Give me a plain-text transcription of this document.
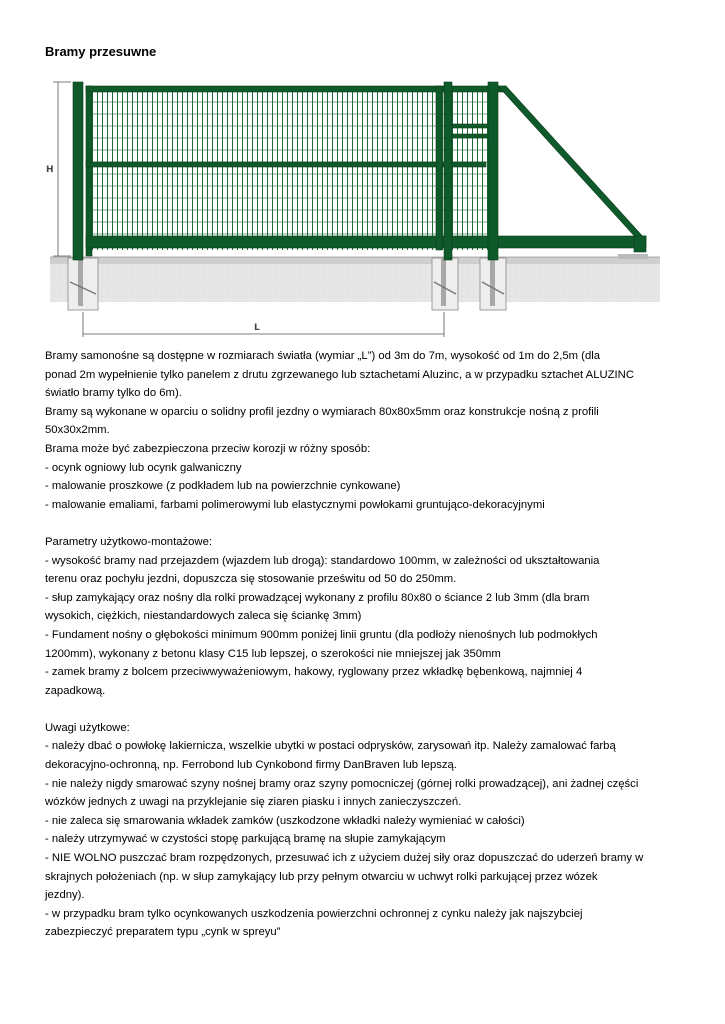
Bramy przesuwne
H
L
Bramy samonośne są dostępne w rozmiarach światła (wymiar „L”) od 3m do 7m, wysokość od 1m do 2,5m (dla
ponad 2m wypełnienie tylko panelem z drutu zgrzewanego lub sztachetami Aluzinc, a w przypadku sztachet ALUZINC
światło bramy tylko do 6m).
Bramy są wykonane w oparciu o solidny profil jezdny o wymiarach 80x80x5mm oraz konstrukcje nośną z profili
50x30x2mm.
Brama może być zabezpieczona przeciw korozji w różny sposób:
- ocynk ogniowy lub ocynk galwaniczny
- malowanie proszkowe (z podkładem lub na powierzchnie cynkowane)
- malowanie emaliami, farbami polimerowymi lub elastycznymi powłokami gruntująco-dekoracyjnymi
Parametry użytkowo-montażowe:
- wysokość bramy nad przejazdem (wjazdem lub drogą): standardowo 100mm, w zależności od ukształtowania
terenu oraz pochyłu jezdni, dopuszcza się stosowanie prześwitu od 50 do 250mm.
- słup zamykający oraz nośny dla rolki prowadzącej wykonany z profilu 80x80 o ściance 2 lub 3mm (dla bram
wysokich, ciężkich, niestandardowych zaleca się ściankę 3mm)
- Fundament nośny o głębokości minimum 900mm poniżej linii gruntu (dla podłoży nienośnych lub podmokłych
1200mm), wykonany z betonu klasy C15 lub lepszej, o szerokości nie mniejszej jak 350mm
- zamek bramy z bolcem przeciwwyważeniowym, hakowy, ryglowany przez wkładkę bębenkową, najmniej 4
zapadkową.
Uwagi użytkowe:
- należy dbać o powłokę lakiernicza, wszelkie ubytki w postaci odprysków, zarysowań itp. Należy zamalować farbą
dekoracyjno-ochronną, np. Ferrobond lub Cynkobond firmy DanBraven lub lepszą.
- nie należy nigdy smarować szyny nośnej bramy oraz szyny pomocniczej (górnej rolki prowadzącej), ani żadnej części
wózków jednych z uwagi na przyklejanie się ziaren piasku i innych zanieczyszczeń.
- nie zaleca się smarowania wkładek zamków (uszkodzone wkładki należy wymieniać w całości)
- należy utrzymywać w czystości stopę parkującą bramę na słupie zamykającym
- NIE WOLNO puszczać bram rozpędzonych, przesuwać ich z użyciem dużej siły oraz dopuszczać do uderzeń bramy w
skrajnych położeniach (np. w słup zamykający lub przy pełnym otwarciu w uchwyt rolki parkującej przez wózek
jezdny).
- w przypadku bram tylko ocynkowanych uszkodzenia powierzchni ochronnej z cynku należy jak najszybciej
zabezpieczyć preparatem typu „cynk w spreyu”
